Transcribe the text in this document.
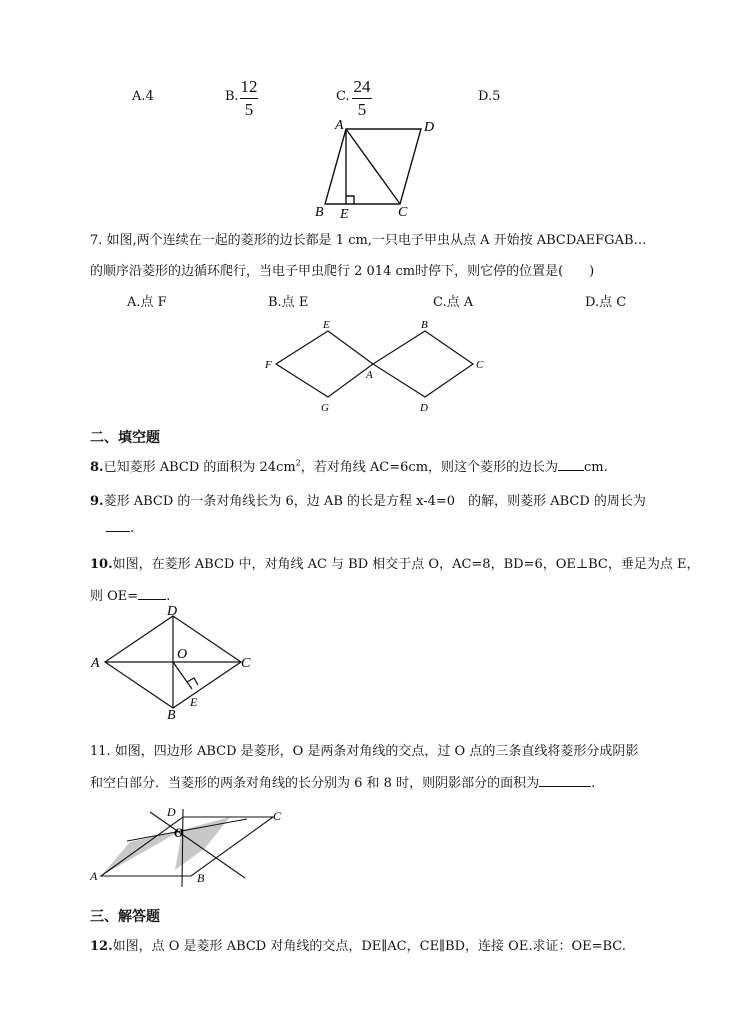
A.4	B.
12
5
C.
24
5
D.5
A	D
B E	C
7. 如图,两个连续在一起的菱形的边长都是 1 cm,一只电子甲虫从点 A 开始按 ABCDAEFGAB…
的顺序沿菱形的边循环爬行，当电子甲虫爬行 2 014 cm时停下，则它停的位置是(　　)
A.点 F	B.点 E	C.点 A	D.点 C
E	B
F
A
C
G	D
二、填空题
8.已知菱形 ABCD 的面积为 $24cm^2$，若对角线 AC=6cm，则这个菱形的边长为 cm.
9.菱形 ABCD 的一条对角线长为 6，边 AB 的长是方程 x-4=0　的解，则菱形 ABCD 的周长为
.
10.如图，在菱形 ABCD 中，对角线 AC 与 BD 相交于点 O，AC=8，BD=6，OE⊥BC，垂足为点 E，
则 OE= .
D
A
O
C
E
B
11. 如图，四边形 ABCD 是菱形，O 是两条对角线的交点，过 O 点的三条直线将菱形分成阴影
和空白部分．当菱形的两条对角线的长分别为 6 和 8 时，则阴影部分的面积为	.
D
O
C
A	B
三、解答题
12.如图，点 O 是菱形 ABCD 对角线的交点，DE∥AC，CE∥BD，连接 OE.求证：OE=BC.
